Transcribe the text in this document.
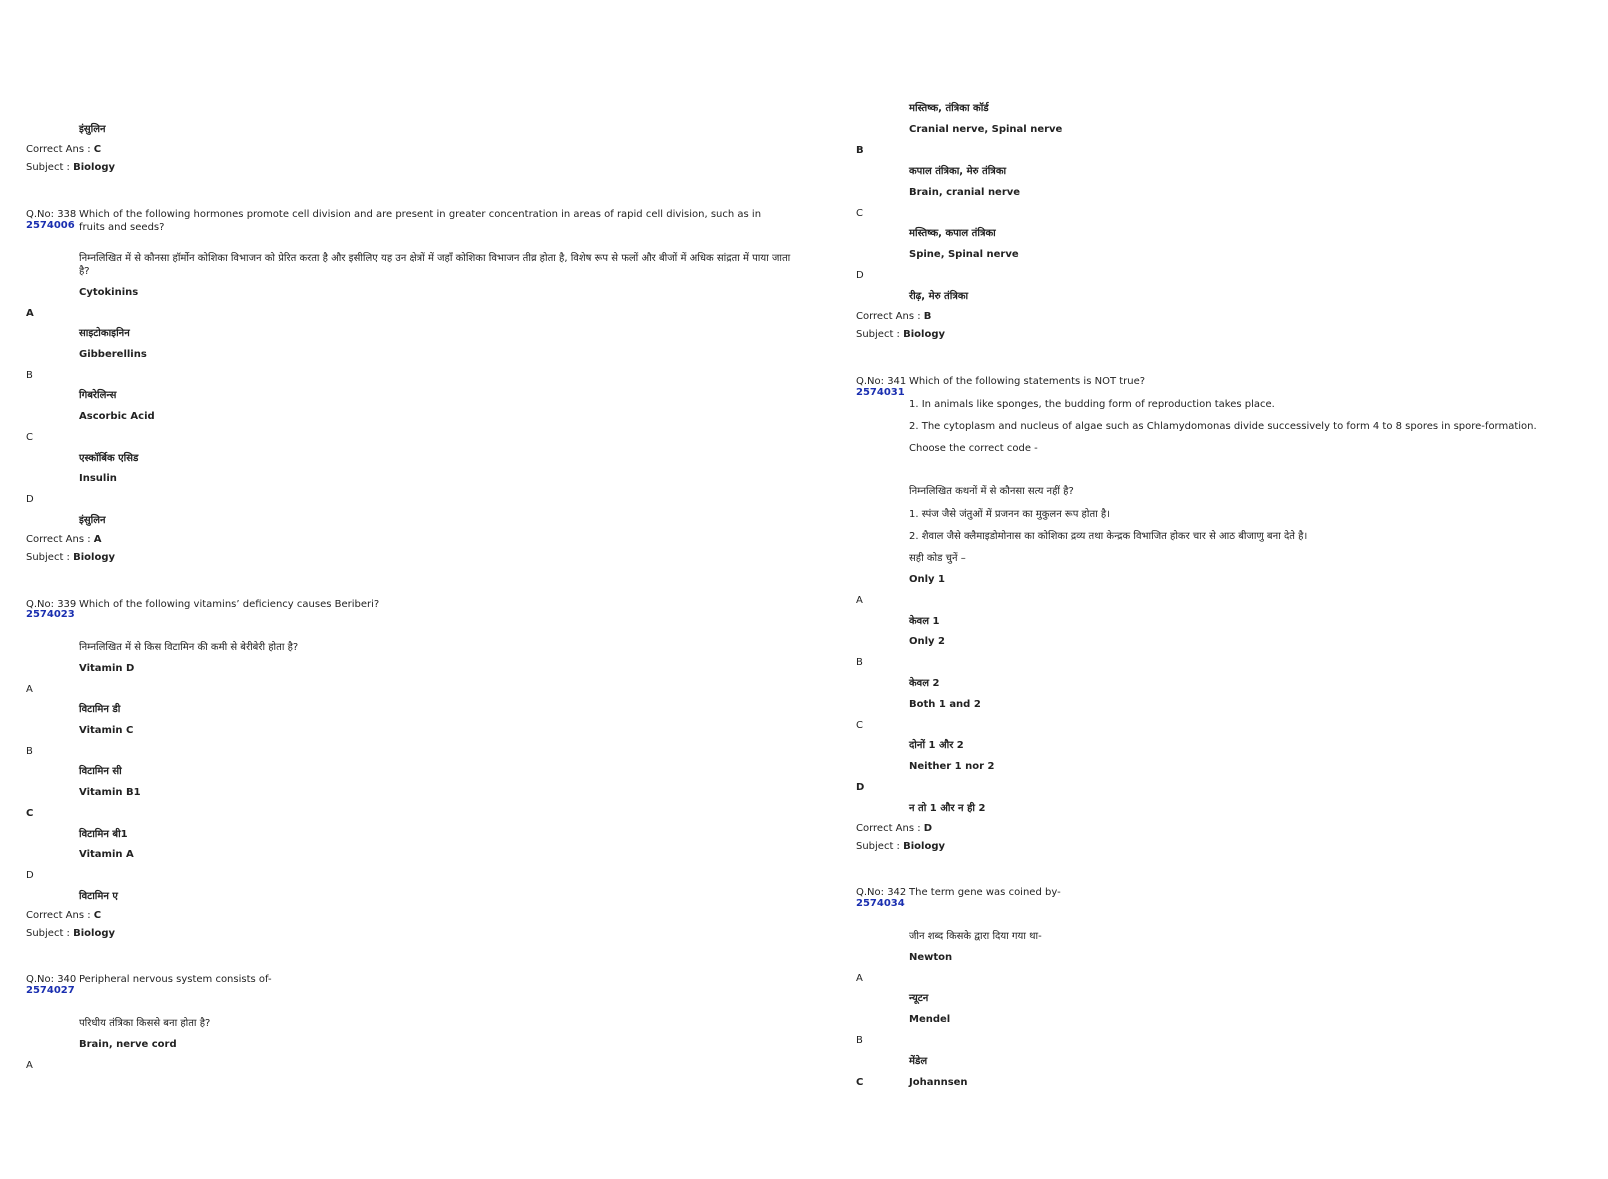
इंसुलिन
Correct Ans : C
Subject : Biology
Q.No: 338
2574006
Which of the following hormones promote cell division and are present in greater concentration in areas of rapid cell division, such as in fruits and seeds?
निम्नलिखित में से कौनसा हॉर्मोन कोशिका विभाजन को प्रेरित करता है और इसीलिए यह उन क्षेत्रों में जहाँ कोशिका विभाजन तीव्र होता है, विशेष रूप से फलों और बीजों में अधिक सांद्रता में पाया जाता
है?
Cytokinins
A
साइटोकाइनिन
Gibberellins
B
गिबरेलिन्स
Ascorbic Acid
C
एस्कॉर्बिक एसिड
Insulin
D
इंसुलिन
Correct Ans : A
Subject : Biology
Q.No: 339
2574023
Which of the following vitamins’ deficiency causes Beriberi?
निम्नलिखित में से किस विटामिन की कमी से बेरीबेरी होता है?
Vitamin D
A
विटामिन डी
Vitamin C
B
विटामिन सी
Vitamin B1
C
विटामिन बी1
Vitamin A
D
विटामिन ए
Correct Ans : C
Subject : Biology
Q.No: 340
2574027
Peripheral nervous system consists of-
परिधीय तंत्रिका किससे बना होता है?
Brain, nerve cord
A
मस्तिष्क, तंत्रिका कॉर्ड
Cranial nerve, Spinal nerve
B
कपाल तंत्रिका, मेरु तंत्रिका
Brain, cranial nerve
C
मस्तिष्क, कपाल तंत्रिका
Spine, Spinal nerve
D
रीढ़, मेरु तंत्रिका
Correct Ans : B
Subject : Biology
Q.No: 341
2574031
Which of the following statements is NOT true?
1. In animals like sponges, the budding form of reproduction takes place.
2. The cytoplasm and nucleus of algae such as Chlamydomonas divide successively to form 4 to 8 spores in spore-formation.
Choose the correct code -
निम्नलिखित कथनों में से कौनसा सत्य नहीं है?
1. स्पंज जैसे जंतुओं में प्रजनन का मुकुलन रूप होता है।
2. शैवाल जैसे क्लैमाइडोमोनास का कोशिका द्रव्य तथा केन्द्रक विभाजित होकर चार से आठ बीजाणु बना देते है।
सही कोड चुनें –
Only 1
A
केवल 1
Only 2
B
केवल 2
Both 1 and 2
C
दोनों 1 और 2
Neither 1 nor 2
D
न तो 1 और न ही 2
Correct Ans : D
Subject : Biology
Q.No: 342
2574034
The term gene was coined by-
जीन शब्द किसके द्वारा दिया गया था-
Newton
A
न्यूटन
Mendel
B
मेंडेल
C	Johannsen
